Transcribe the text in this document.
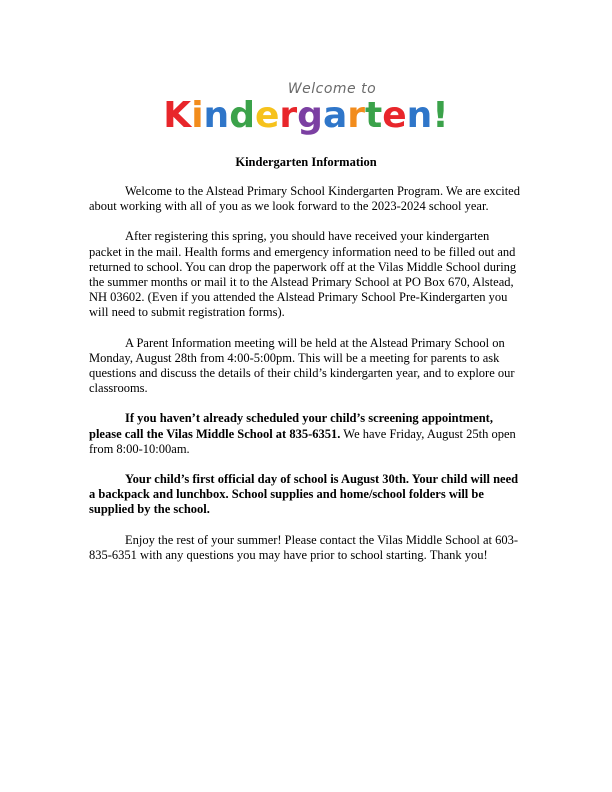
Welcome to
Kindergarten!
Kindergarten Information

Welcome to the Alstead Primary School Kindergarten Program. We are excited about working with all of you as we look forward to the 2023-2024 school year.

After registering this spring, you should have received your kindergarten packet in the mail. Health forms and emergency information need to be filled out and returned to school. You can drop the paperwork off at the Vilas Middle School during the summer months or mail it to the Alstead Primary School at PO Box 670, Alstead, NH 03602. (Even if you attended the Alstead Primary School Pre-Kindergarten you will need to submit registration forms).

A Parent Information meeting will be held at the Alstead Primary School on Monday, August 28th from 4:00-5:00pm. This will be a meeting for parents to ask questions and discuss the details of their child’s kindergarten year, and to explore our classrooms.

If you haven’t already scheduled your child’s screening appointment, please call the Vilas Middle School at 835-6351. We have Friday, August 25th open from 8:00-10:00am.

Your child’s first official day of school is August 30th. Your child will need a backpack and lunchbox. School supplies and home/school folders will be supplied by the school.

Enjoy the rest of your summer! Please contact the Vilas Middle School at 603-835-6351 with any questions you may have prior to school starting. Thank you!
